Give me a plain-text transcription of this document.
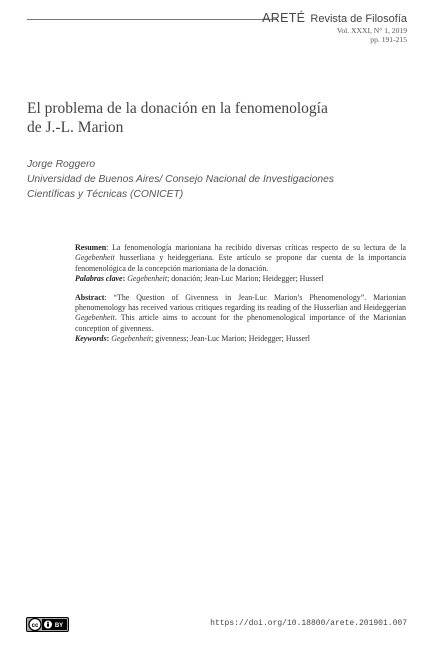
ARETÉ Revista de Filosofía
Vol. XXXI, N° 1, 2019
pp. 191-215
El problema de la donación en la fenomenología
de J.-L. Marion
Jorge Roggero
Universidad de Buenos Aires/ Consejo Nacional de Investigaciones
Científicas y Técnicas (CONICET)

Resumen: La fenomenología marioniana ha recibido diversas críticas respecto de su lectura de la Gegebenheit husserliana y heideggeriana. Este artículo se propone dar cuenta de la importancia fenomenológica de la concepción marioniana de la donación.

Palabras clave: Gegebenheit; donación; Jean-Luc Marion; Heidegger; Husserl

Abstract: “The Question of Givenness in Jean-Luc Marion’s Phenomenology”. Marionian phenomenology has received various critiques regarding its reading of the Husserlian and Heideggerian Gegebenheit. This article aims to account for the phenomenological importance of the Marionian conception of givenness.

Keywords: Gegebenheit; givenness; Jean-Luc Marion; Heidegger; Husserl

cc	BY	https://doi.org/10.18800/arete.201901.007
